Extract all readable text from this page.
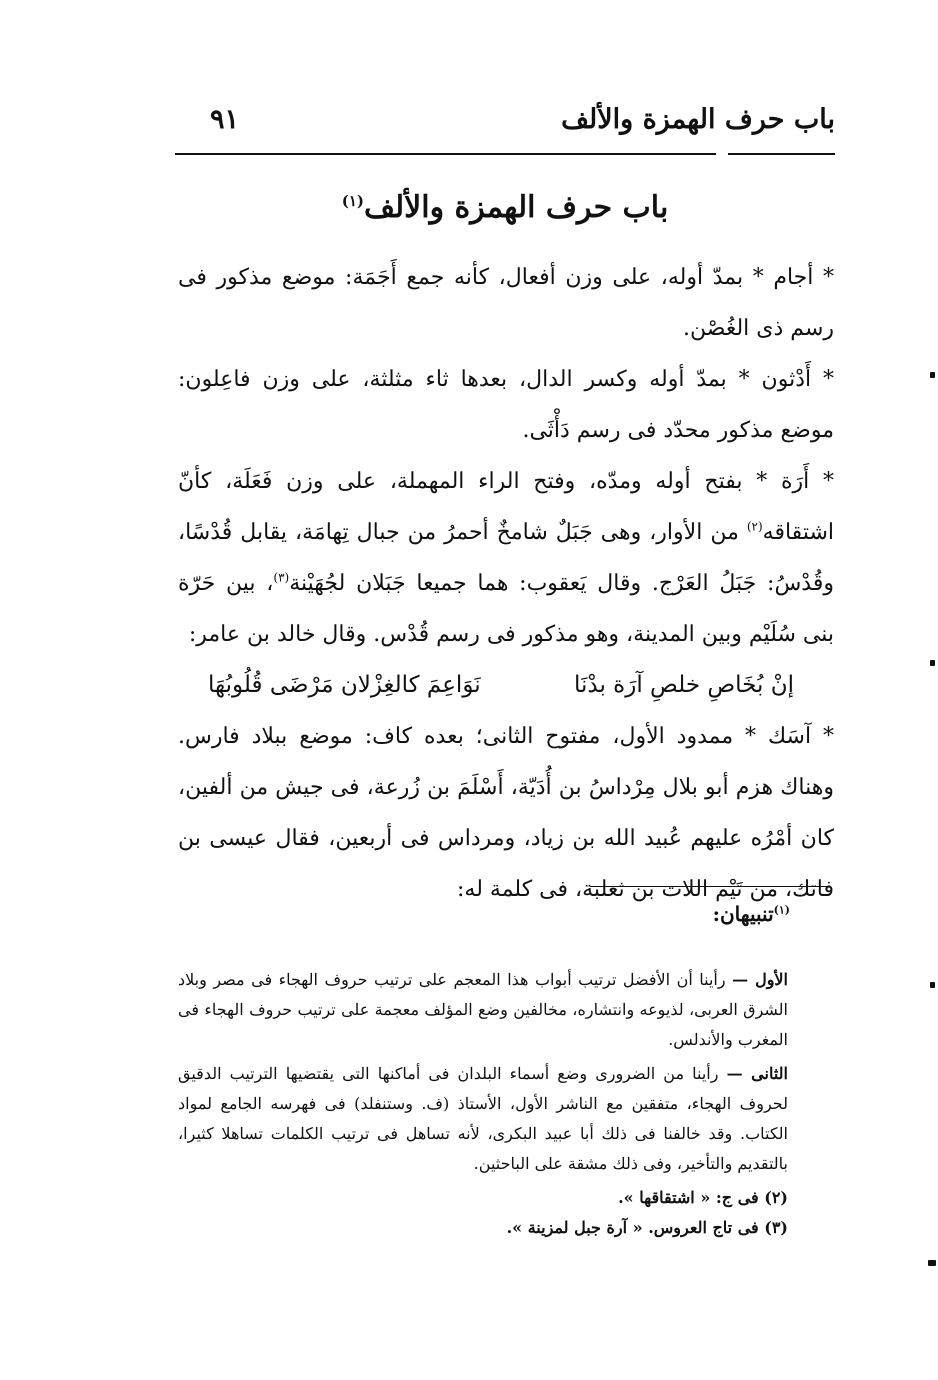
باب حرف الهمزة والألف
٩١
باب حرف الهمزة والألف$^{(١)}$

* أجام * بمدّ أوله، على وزن أفعال، كأنه جمع أَجَمَة: موضع مذكور فى رسم ذى الغُصْن.

* أَدْثون * بمدّ أوله وكسر الدال، بعدها ثاء مثلثة، على وزن فاعِلون: موضع مذكور محدّد فى رسم دَأْثَى.

* أَرَة * بفتح أوله ومدّه، وفتح الراء المهملة، على وزن فَعَلَة، كأنّ اشتقاقه$^{(٢)}$ من الأوار، وهى جَبَلٌ شامخٌ أحمرُ من جبال تِهامَة، يقابل قُدْسًا، وقُدْسُ: جَبَلُ العَرْج. وقال يَعقوب: هما جميعا جَبَلان لجُهَيْنة$^{(٣)}$، بين حَرّة بنى سُلَيْم وبين المدينة، وهو مذكور فى رسم قُدْس. وقال خالد بن عامر:

إنْ بُخَاصِ خلصِ آرَة بدْنَا
نَوَاعِمَ كالغِزْلان مَرْضَى قُلُوبُهَا

* آسَك * ممدود الأول، مفتوح الثانى؛ بعده كاف: موضع ببلاد فارس. وهناك هزم أبو بلال مِرْداسُ بن أُدَيّة، أَسْلَمَ بن زُرعة، فى جيش من ألفين، كان أمْرُه عليهم عُبيد الله بن زياد، ومرداس فى أربعين، فقال عيسى بن فاتك، من تَيْم اللات بن ثعلبة، فى كلمة له:

$^{(١)}$تنبيهان:

الأول — رأينا أن الأفضل ترتيب أبواب هذا المعجم على ترتيب حروف الهجاء فى مصر وبلاد الشرق العربى، لذيوعه وانتشاره، مخالفين وضع المؤلف معجمة على ترتيب حروف الهجاء فى المغرب والأندلس.

الثانى — رأينا من الضرورى وضع أسماء البلدان فى أماكنها التى يقتضيها الترتيب الدقيق لحروف الهجاء، متفقين مع الناشر الأول، الأستاذ (ف. وستنفلد) فى فهرسه الجامع لمواد الكتاب. وقد خالفنا فى ذلك أبا عبيد البكرى، لأنه تساهل فى ترتيب الكلمات تساهلا كثيرا، بالتقديم والتأخير، وفى ذلك مشقة على الباحثين.

(٢) فى ج: « اشتقاقها ».

(٣) فى تاج العروس. « آرة جبل لمزينة ».
